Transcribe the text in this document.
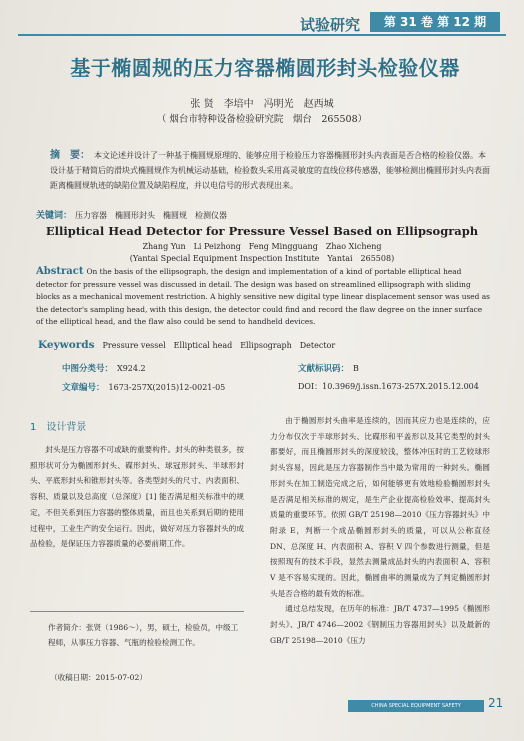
试验研究	第 31 卷 第 12 期
基于椭圆规的压力容器椭圆形封头检验仪器
张 贤　李培中　冯明光　赵西城
（ 烟台市特种设备检验研究院　烟台　265508）
摘　要： 本文论述并设计了一种基于椭圆规原理的、能够应用于检验压力容器椭圆形封头内表面是否合格的检验仪器。本设计基于精简后的滑块式椭圆规作为机械运动基础，检验数头采用高灵敏度的直线位移传感器，能够检测出椭圆形封头内表面距离椭圆规轨迹的缺陷位置及缺陷程度，并以电信号的形式表现出来。
关键词： 压力容器　椭圆形封头　椭圆规　检测仪器
Elliptical Head Detector for Pressure Vessel Based on Ellipsograph
Zhang Yun　Li Peizhong　Feng Mingguang　Zhao Xicheng
(Yantai Special Equipment Inspection Institute　Yantai　265508)
Abstract On the basis of the ellipsograph, the design and implementation of a kind of portable elliptical head detector for pressure vessel was discussed in detail. The design was based on streamlined ellipsograph with sliding blocks as a mechanical movement restriction. A highly sensitive new digital type linear displacement sensor was used as the detector's sampling head, with this design, the detector could find and record the flaw degree on the inner surface of the elliptical head, and the flaw also could be send to handheld devices.
Keywords Pressure vessel　Elliptical head　Ellipsograph　Detector
中图分类号： X924.2	文献标识码： B
文章编号： 1673-257X(2015)12-0021-05	DOI：10.3969/j.issn.1673-257X.2015.12.004
1　设计背景

封头是压力容器不可或缺的重要构件。封头的种类很多，按照形状可分为椭圆形封头、碟形封头、球冠形封头、半球形封头、平底形封头和锥形封头等。各类型封头的尺寸、内表面积、容积、质量以及总高度（总深度）[1] 能否满足相关标准中的规定，不但关系到压力容器的整体质量，而且也关系到后期的使用过程中，工业生产的安全运行。因此，做好对压力容器封头的成品检验，是保证压力容器质量的必要前期工作。

作者简介：张贤（1986～），男，硕士，检验员，中级工程师，从事压力容器、气瓶的检验检测工作。
（收稿日期：2015-07-02）

由于椭圆形封头曲率是连续的，因而其应力也是连续的，应力分布仅次于半球形封头、比碟形和平盖形以及其它类型的封头都要好，而且椭圆形封头的深度较浅，整体冲压时的工艺较球形封头容易，因此是压力容器制作当中最为常用的一种封头。椭圆形封头在加工制造完成之后，如何能够更有效地检验椭圆形封头是否满足相关标准的规定，是生产企业提高检验效率、提高封头质量的重要环节。依照 GB/T 25198—2010《压力容器封头》中附录 E，判断一个成品椭圆形封头的质量，可以从公称直径 DN、总深度 H、内表面积 A、容积 V 四个参数进行测量，但是按照现有的技术手段，显然去测量成品封头的内表面积 A、容积 V 是不容易实现的。因此，椭圆曲率的测量成为了判定椭圆形封头是否合格的最有效的标准。

通过总结发现，在历年的标准：JB/T 4737—1995《椭圆形封头》、JB/T 4746—2002《钢制压力容器用封头》以及最新的 GB/T 25198—2010《压力

CHINA SPECIAL EQUIPMENT SAFETY	21
